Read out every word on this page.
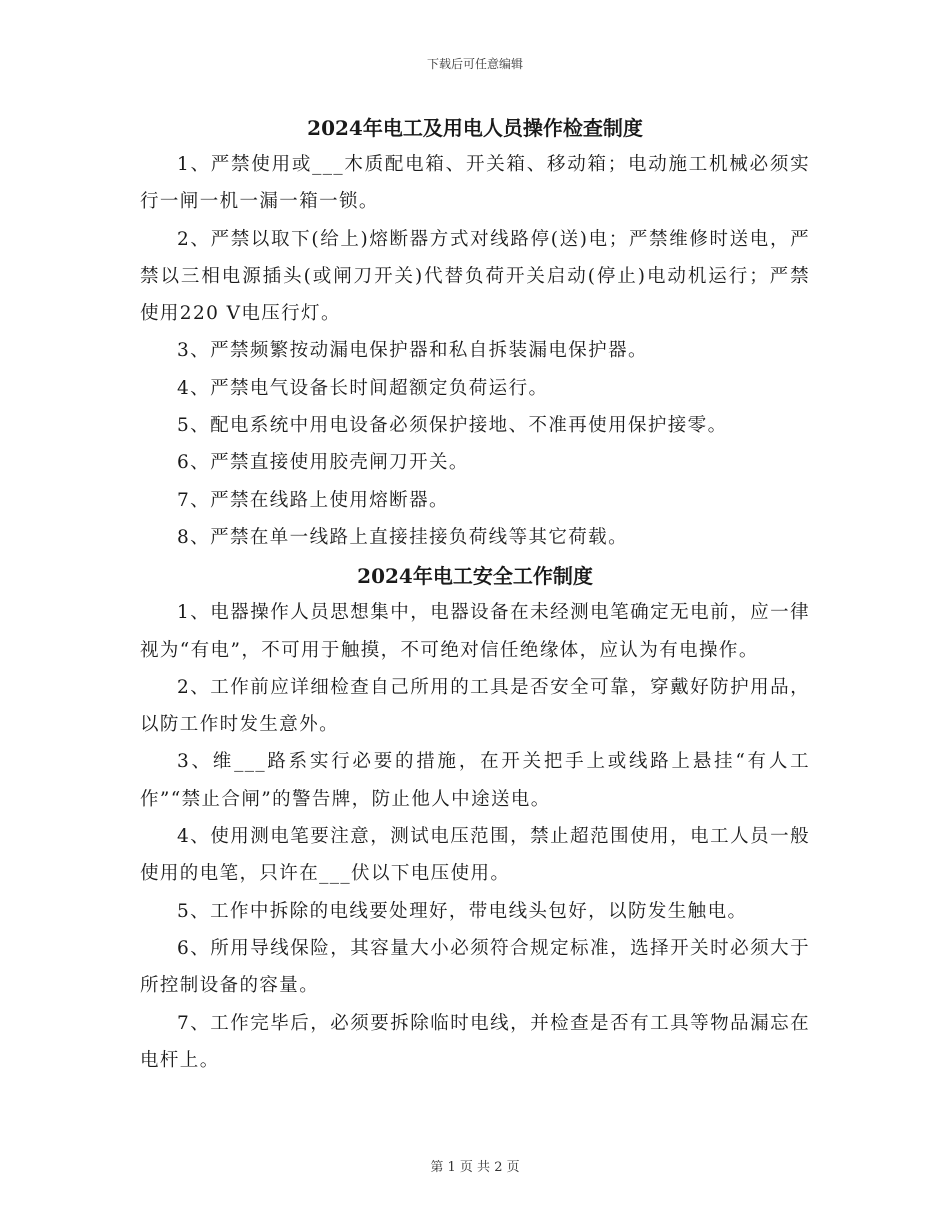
下载后可任意编辑
2024年电工及用电人员操作检查制度

1、严禁使用或___木质配电箱、开关箱、移动箱；电动施工机械必须实行一闸一机一漏一箱一锁。

2、严禁以取下(给上)熔断器方式对线路停(送)电；严禁维修时送电，严禁以三相电源插头(或闸刀开关)代替负荷开关启动(停止)电动机运行；严禁使用220 V电压行灯。

3、严禁频繁按动漏电保护器和私自拆装漏电保护器。

4、严禁电气设备长时间超额定负荷运行。

5、配电系统中用电设备必须保护接地、不准再使用保护接零。

6、严禁直接使用胶壳闸刀开关。

7、严禁在线路上使用熔断器。

8、严禁在单一线路上直接挂接负荷线等其它荷载。

2024年电工安全工作制度

1、电器操作人员思想集中，电器设备在未经测电笔确定无电前，应一律视为“有电”，不可用于触摸，不可绝对信任绝缘体，应认为有电操作。

2、工作前应详细检查自己所用的工具是否安全可靠，穿戴好防护用品，以防工作时发生意外。

3、维___路系实行必要的措施，在开关把手上或线路上悬挂“有人工作”“禁止合闸”的警告牌，防止他人中途送电。

4、使用测电笔要注意，测试电压范围，禁止超范围使用，电工人员一般使用的电笔，只许在___伏以下电压使用。

5、工作中拆除的电线要处理好，带电线头包好，以防发生触电。

6、所用导线保险，其容量大小必须符合规定标准，选择开关时必须大于所控制设备的容量。

7、工作完毕后，必须要拆除临时电线，并检查是否有工具等物品漏忘在电杆上。

第 1 页 共 2 页
